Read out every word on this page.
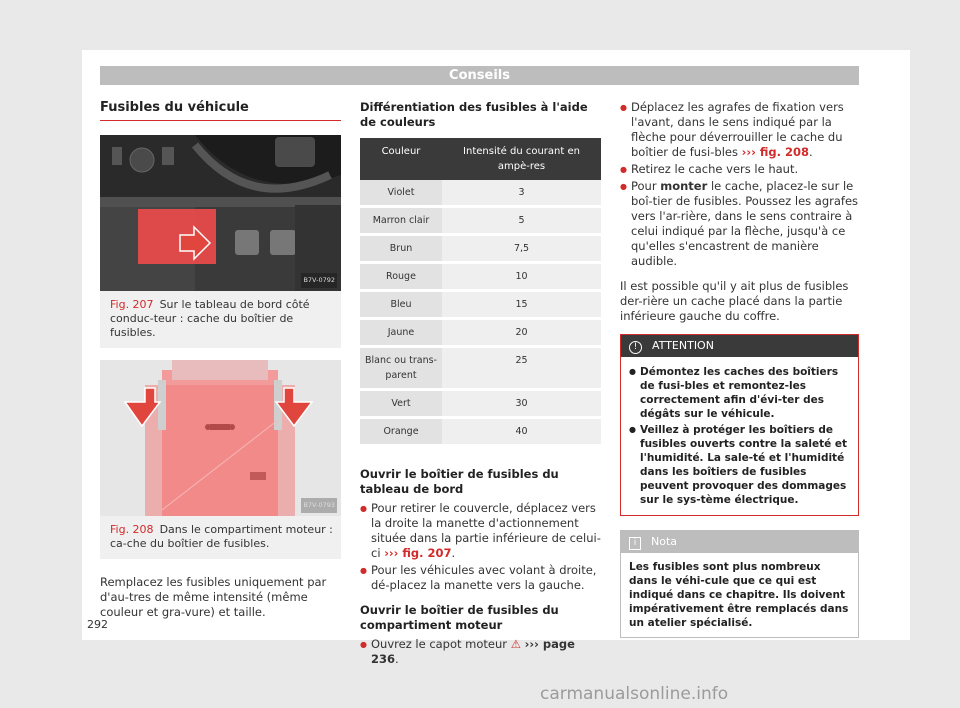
Conseils
Fusibles du véhicule
B7V-0792
Fig. 207 Sur le tableau de bord côté conduc-teur : cache du boîtier de fusibles.
B7V-0793
Fig. 208 Dans le compartiment moteur : ca-che du boîtier de fusibles.

Remplacez les fusibles uniquement par d'au-tres de même intensité (même couleur et gra-vure) et taille.

Différentiation des fusibles à l'aide de couleurs
Couleur	Intensité du courant en ampè-res
Violet	3
Marron clair	5
Brun	7,5
Rouge	10
Bleu	15
Jaune	20
Blanc ou trans-parent	25
Vert	30
Orange	40
Ouvrir le boîtier de fusibles du tableau de bord
● Pour retirer le couvercle, déplacez vers la droite la manette d'actionnement située dans la partie inférieure de celui-ci ››› fig. 207.
● Pour les véhicules avec volant à droite, dé-placez la manette vers la gauche.
Ouvrir le boîtier de fusibles du compartiment moteur
● Ouvrez le capot moteur ⚠ ››› page 236.
● Déplacez les agrafes de fixation vers l'avant, dans le sens indiqué par la flèche pour déverrouiller le cache du boîtier de fusi-bles ››› fig. 208.
● Retirez le cache vers le haut.
● Pour monter le cache, placez-le sur le boî-tier de fusibles. Poussez les agrafes vers l'ar-rière, dans le sens contraire à celui indiqué par la flèche, jusqu'à ce qu'elles s'encastrent de manière audible.

Il est possible qu'il y ait plus de fusibles der-rière un cache placé dans la partie inférieure gauche du coffre.

! ATTENTION
● Démontez les caches des boîtiers de fusi-bles et remontez-les correctement afin d'évi-ter des dégâts sur le véhicule.
● Veillez à protéger les boîtiers de fusibles ouverts contre la saleté et l'humidité. La sale-té et l'humidité dans les boîtiers de fusibles peuvent provoquer des dommages sur le sys-tème électrique.
i Nota
Les fusibles sont plus nombreux dans le véhi-cule que ce qui est indiqué dans ce chapitre. Ils doivent impérativement être remplacés dans un atelier spécialisé.
292
carmanualsonline.info
